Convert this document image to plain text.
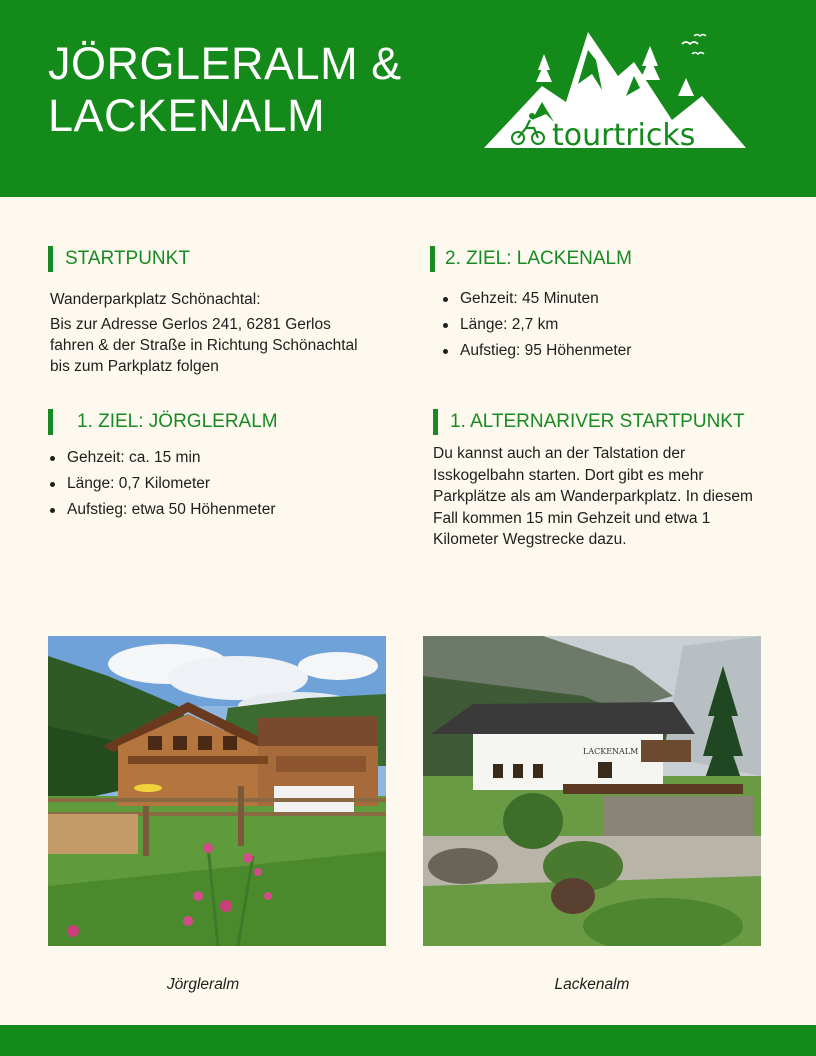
JÖRGLERALM &
LACKENALM	tourtricks
STARTPUNKT

Wanderparkplatz Schönachtal:

Bis zur Adresse Gerlos 241, 6281 Gerlos fahren & der Straße in Richtung Schönachtal bis zum Parkplatz folgen

1. ZIEL: JÖRGLERALM
Gehzeit: ca. 15 min
Länge: 0,7 Kilometer
Aufstieg: etwa 50 Höhenmeter
2. ZIEL: LACKENALM
Gehzeit: 45 Minuten
Länge: 2,7 km
Aufstieg: 95 Höhenmeter
1. ALTERNARIVER STARTPUNKT
Du kannst auch an der Talstation der Isskogelbahn starten. Dort gibt es mehr Parkplätze als am Wanderparkplatz. In diesem Fall kommen 15 min Gehzeit und etwa 1 Kilometer Wegstrecke dazu.
Jörgleralm
LACKENALM
Lackenalm
